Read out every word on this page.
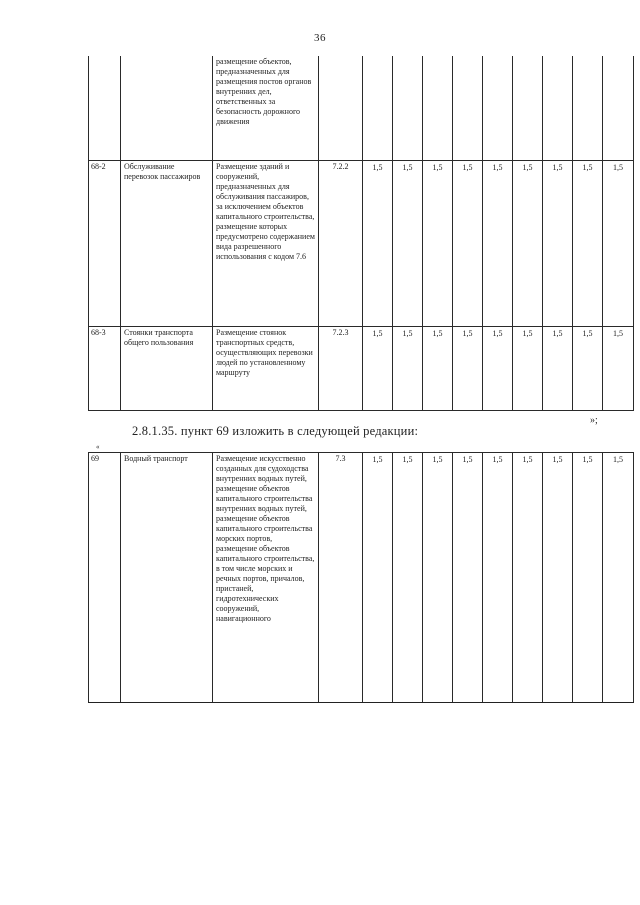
36
		размещение объектов, предназначенных для размещения постов органов внутренних дел, ответственных за безопасность дорожного движения										
68-2	Обслуживание перевозок пассажиров	Размещение зданий и сооружений, предназначенных для обслуживания пассажиров, за исключением объектов капитального строительства, размещение которых предусмотрено содержанием вида разрешенного использования с кодом 7.6	7.2.2	1,5	1,5	1,5	1,5	1,5	1,5	1,5	1,5	1,5
68-3	Стоянки транспорта общего пользования	Размещение стоянок транспортных средств, осуществляющих перевозки людей по установленному маршруту	7.2.3	1,5	1,5	1,5	1,5	1,5	1,5	1,5	1,5	1,5
»;
2.8.1.35. пункт 69 изложить в следующей редакции:
«
69	Водный транспорт	Размещение искусственно созданных для судоходства внутренних водных путей, размещение объектов капитального строительства внутренних водных путей, размещение объектов капитального строительства морских портов, размещение объектов капитального строительства, в том числе морских и речных портов, причалов, пристаней, гидротехнических сооружений, навигационного	7.3	1,5	1,5	1,5	1,5	1,5	1,5	1,5	1,5	1,5
